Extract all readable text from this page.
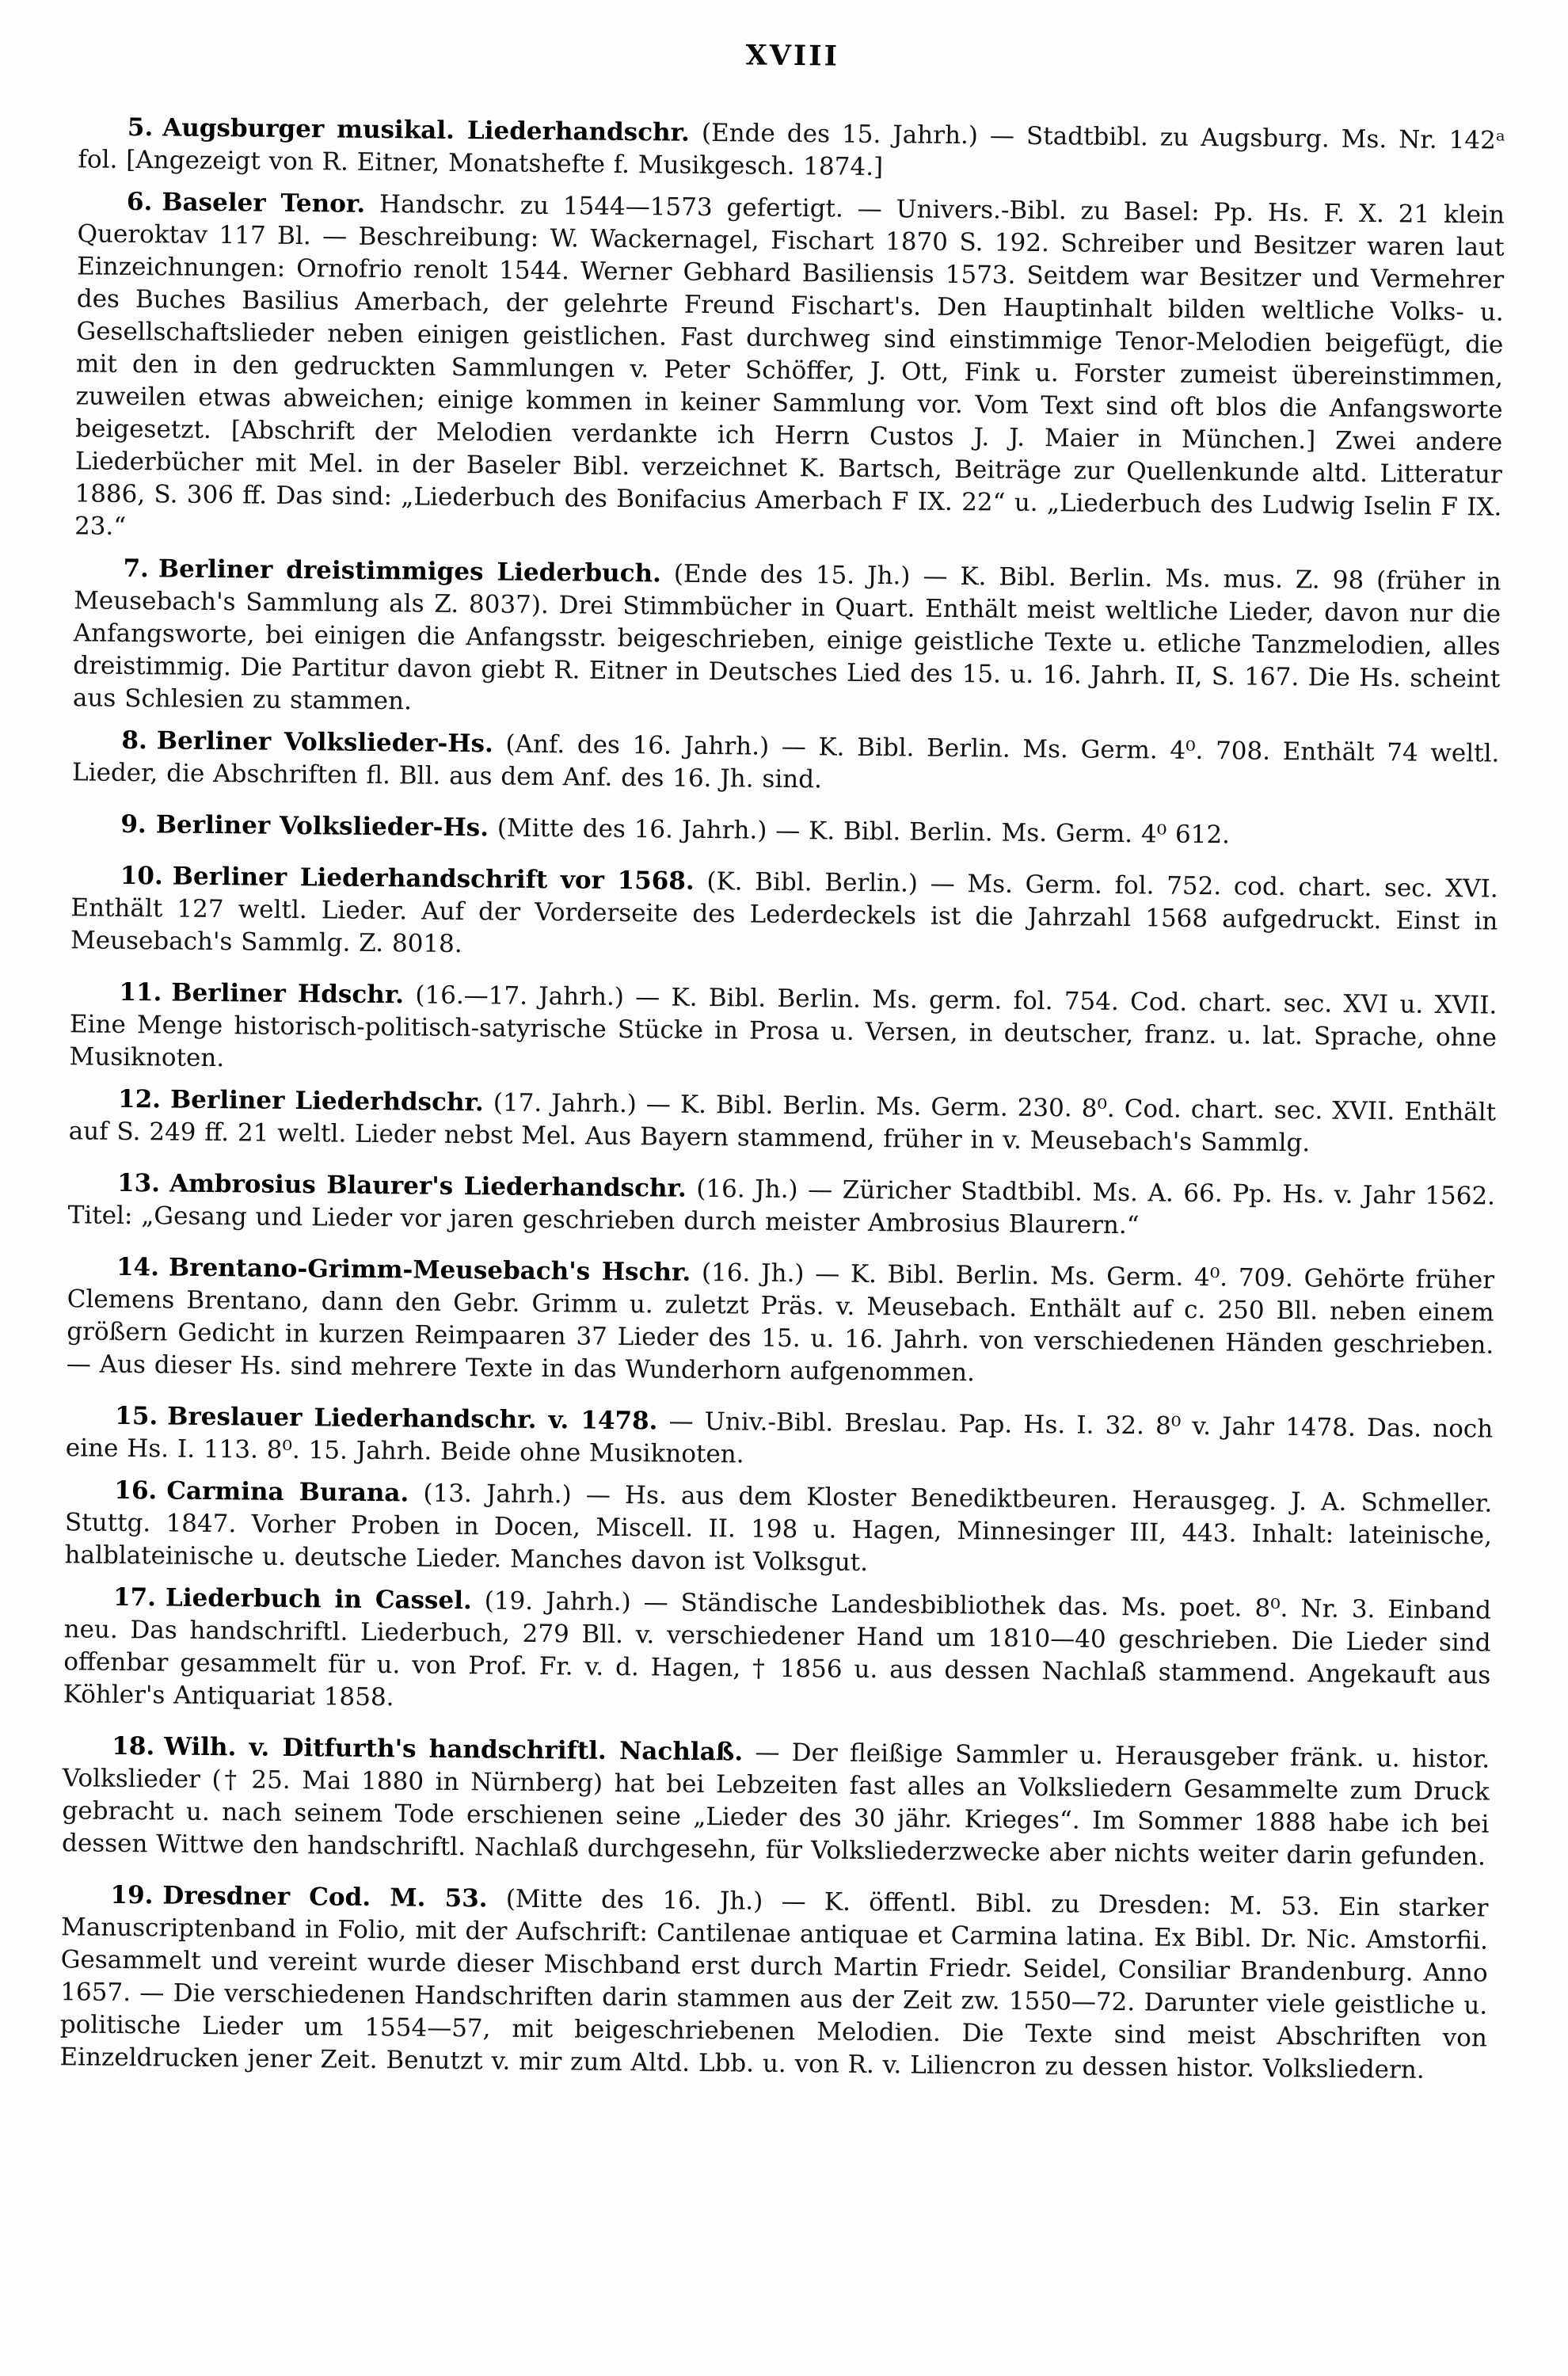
XVIII

5. Augsburger musikal. Liederhandschr. (Ende des 15. Jahrh.) — Stadtbibl. zu Augsburg. Ms. Nr. 142ᵃ fol. [Angezeigt von R. Eitner, Monatshefte f. Musikgesch. 1874.]

6. Baseler Tenor. Handschr. zu 1544—1573 gefertigt. — Univers.-Bibl. zu Basel: Pp. Hs. F. X. 21 klein Queroktav 117 Bl. — Beschreibung: W. Wackernagel, Fischart 1870 S. 192. Schreiber und Besitzer waren laut Einzeichnungen: Ornofrio renolt 1544. Werner Gebhard Basiliensis 1573. Seitdem war Besitzer und Vermehrer des Buches Basilius Amerbach, der gelehrte Freund Fischart's. Den Hauptinhalt bilden weltliche Volks- u. Gesellschaftslieder neben einigen geistlichen. Fast durchweg sind einstimmige Tenor-Melodien beigefügt, die mit den in den gedruckten Sammlungen v. Peter Schöffer, J. Ott, Fink u. Forster zumeist übereinstimmen, zuweilen etwas abweichen; einige kommen in keiner Sammlung vor. Vom Text sind oft blos die Anfangsworte beigesetzt. [Abschrift der Melodien verdankte ich Herrn Custos J. J. Maier in München.] Zwei andere Liederbücher mit Mel. in der Baseler Bibl. verzeichnet K. Bartsch, Beiträge zur Quellenkunde altd. Litteratur 1886, S. 306 ff. Das sind: „Liederbuch des Bonifacius Amerbach F IX. 22“ u. „Liederbuch des Ludwig Iselin F IX. 23.“

7. Berliner dreistimmiges Liederbuch. (Ende des 15. Jh.) — K. Bibl. Berlin. Ms. mus. Z. 98 (früher in Meusebach's Sammlung als Z. 8037). Drei Stimmbücher in Quart. Enthält meist weltliche Lieder, davon nur die Anfangsworte, bei einigen die Anfangsstr. beigeschrieben, einige geistliche Texte u. etliche Tanzmelodien, alles dreistimmig. Die Partitur davon giebt R. Eitner in Deutsches Lied des 15. u. 16. Jahrh. II, S. 167. Die Hs. scheint aus Schlesien zu stammen.

8. Berliner Volkslieder-Hs. (Anf. des 16. Jahrh.) — K. Bibl. Berlin. Ms. Germ. 4⁰. 708. Enthält 74 weltl. Lieder, die Abschriften fl. Bll. aus dem Anf. des 16. Jh. sind.

9. Berliner Volkslieder-Hs. (Mitte des 16. Jahrh.) — K. Bibl. Berlin. Ms. Germ. 4⁰ 612.

10. Berliner Liederhandschrift vor 1568. (K. Bibl. Berlin.) — Ms. Germ. fol. 752. cod. chart. sec. XVI. Enthält 127 weltl. Lieder. Auf der Vorderseite des Lederdeckels ist die Jahrzahl 1568 aufgedruckt. Einst in Meusebach's Sammlg. Z. 8018.

11. Berliner Hdschr. (16.—17. Jahrh.) — K. Bibl. Berlin. Ms. germ. fol. 754. Cod. chart. sec. XVI u. XVII. Eine Menge historisch-politisch-satyrische Stücke in Prosa u. Versen, in deutscher, franz. u. lat. Sprache, ohne Musiknoten.

12. Berliner Liederhdschr. (17. Jahrh.) — K. Bibl. Berlin. Ms. Germ. 230. 8⁰. Cod. chart. sec. XVII. Enthält auf S. 249 ff. 21 weltl. Lieder nebst Mel. Aus Bayern stammend, früher in v. Meusebach's Sammlg.

13. Ambrosius Blaurer's Liederhandschr. (16. Jh.) — Züricher Stadtbibl. Ms. A. 66. Pp. Hs. v. Jahr 1562. Titel: „Gesang und Lieder vor jaren geschrieben durch meister Ambrosius Blaurern.“

14. Brentano-Grimm-Meusebach's Hschr. (16. Jh.) — K. Bibl. Berlin. Ms. Germ. 4⁰. 709. Gehörte früher Clemens Brentano, dann den Gebr. Grimm u. zuletzt Präs. v. Meusebach. Enthält auf c. 250 Bll. neben einem größern Gedicht in kurzen Reimpaaren 37 Lieder des 15. u. 16. Jahrh. von verschiedenen Händen geschrieben. — Aus dieser Hs. sind mehrere Texte in das Wunderhorn aufgenommen.

15. Breslauer Liederhandschr. v. 1478. — Univ.-Bibl. Breslau. Pap. Hs. I. 32. 8⁰ v. Jahr 1478. Das. noch eine Hs. I. 113. 8⁰. 15. Jahrh. Beide ohne Musiknoten.

16. Carmina Burana. (13. Jahrh.) — Hs. aus dem Kloster Benediktbeuren. Herausgeg. J. A. Schmeller. Stuttg. 1847. Vorher Proben in Docen, Miscell. II. 198 u. Hagen, Minnesinger III, 443. Inhalt: lateinische, halblateinische u. deutsche Lieder. Manches davon ist Volksgut.

17. Liederbuch in Cassel. (19. Jahrh.) — Ständische Landesbibliothek das. Ms. poet. 8⁰. Nr. 3. Einband neu. Das handschriftl. Liederbuch, 279 Bll. v. verschiedener Hand um 1810—40 geschrieben. Die Lieder sind offenbar gesammelt für u. von Prof. Fr. v. d. Hagen, † 1856 u. aus dessen Nachlaß stammend. Angekauft aus Köhler's Antiquariat 1858.

18. Wilh. v. Ditfurth's handschriftl. Nachlaß. — Der fleißige Sammler u. Herausgeber fränk. u. histor. Volkslieder († 25. Mai 1880 in Nürnberg) hat bei Lebzeiten fast alles an Volksliedern Gesammelte zum Druck gebracht u. nach seinem Tode erschienen seine „Lieder des 30 jähr. Krieges“. Im Sommer 1888 habe ich bei dessen Wittwe den handschriftl. Nachlaß durchgesehn, für Volksliederzwecke aber nichts weiter darin gefunden.

19. Dresdner Cod. M. 53. (Mitte des 16. Jh.) — K. öffentl. Bibl. zu Dresden: M. 53. Ein starker Manuscriptenband in Folio, mit der Aufschrift: Cantilenae antiquae et Carmina latina. Ex Bibl. Dr. Nic. Amstorfii. Gesammelt und vereint wurde dieser Mischband erst durch Martin Friedr. Seidel, Consiliar Brandenburg. Anno 1657. — Die verschiedenen Handschriften darin stammen aus der Zeit zw. 1550—72. Darunter viele geistliche u. politische Lieder um 1554—57, mit beigeschriebenen Melodien. Die Texte sind meist Abschriften von Einzeldrucken jener Zeit. Benutzt v. mir zum Altd. Lbb. u. von R. v. Liliencron zu dessen histor. Volksliedern.
